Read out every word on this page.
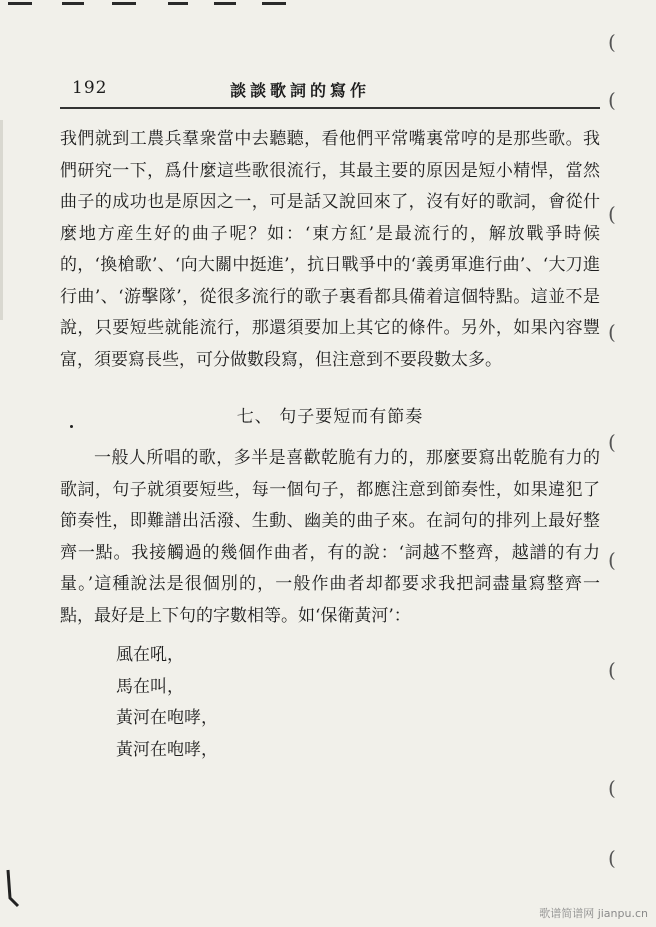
192	談談歌詞的寫作

我們就到工農兵羣衆當中去聽聽，看他們平常嘴裏常哼的是那些歌。我們研究一下，爲什麼這些歌很流行，其最主要的原因是短小精悍，當然曲子的成功也是原因之一，可是話又說回來了，沒有好的歌詞，會從什麼地方産生好的曲子呢？如：‘東方紅’是最流行的，解放戰爭時候的，‘換槍歌’、‘向大關中挺進’，抗日戰爭中的‘義勇軍進行曲’、‘大刀進行曲’、‘游擊隊’，從很多流行的歌子裏看都具備着這個特點。這並不是說，只要短些就能流行，那還須要加上其它的條件。另外，如果內容豐富，須要寫長些，可分做數段寫，但注意到不要段數太多。

七、 句子要短而有節奏

一般人所唱的歌，多半是喜歡乾脆有力的，那麼要寫出乾脆有力的歌詞，句子就須要短些，每一個句子，都應注意到節奏性，如果違犯了節奏性，即難譜出活潑、生動、幽美的曲子來。在詞句的排列上最好整齊一點。我接觸過的幾個作曲者，有的說：‘詞越不整齊，越譜的有力量。’這種說法是很個別的，一般作曲者却都要求我把詞盡量寫整齊一點，最好是上下句的字數相等。如‘保衛黃河’：

風在吼，
馬在叫，
黃河在咆哮，
黃河在咆哮，
(
(
(
(
(
(
(
(
(
歌谱简谱网 jianpu.cn
